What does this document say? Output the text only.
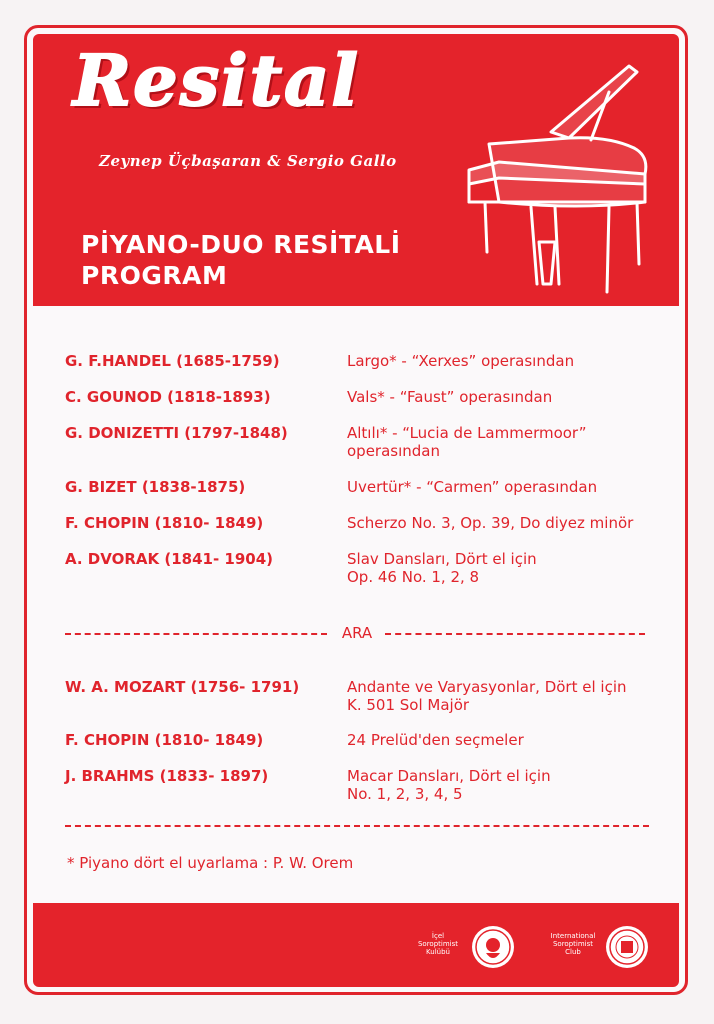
Resital
Zeynep Üçbaşaran & Sergio Gallo
PİYANO-DUO RESİTALİ
PROGRAM
G. F.HANDEL (1685-1759)	Largo* - “Xerxes” operasından
C. GOUNOD (1818-1893)	Vals* - “Faust” operasından
G. DONIZETTI (1797-1848)	Altılı* - “Lucia de Lammermoor”
operasından
G. BIZET (1838-1875)	Uvertür* - “Carmen” operasından
F. CHOPIN (1810- 1849)	Scherzo No. 3, Op. 39, Do diyez minör
A. DVORAK (1841- 1904)	Slav Dansları, Dört el için
Op. 46 No. 1, 2, 8
ARA
W. A. MOZART (1756- 1791)	Andante ve Varyasyonlar, Dört el için
K. 501 Sol Majör
F. CHOPIN (1810- 1849)	24 Prelüd'den seçmeler
J. BRAHMS (1833- 1897)	Macar Dansları, Dört el için
No. 1, 2, 3, 4, 5
* Piyano dört el uyarlama : P. W. Orem
İçel
Soroptimist
Kulübü
International
Soroptimist
Club
